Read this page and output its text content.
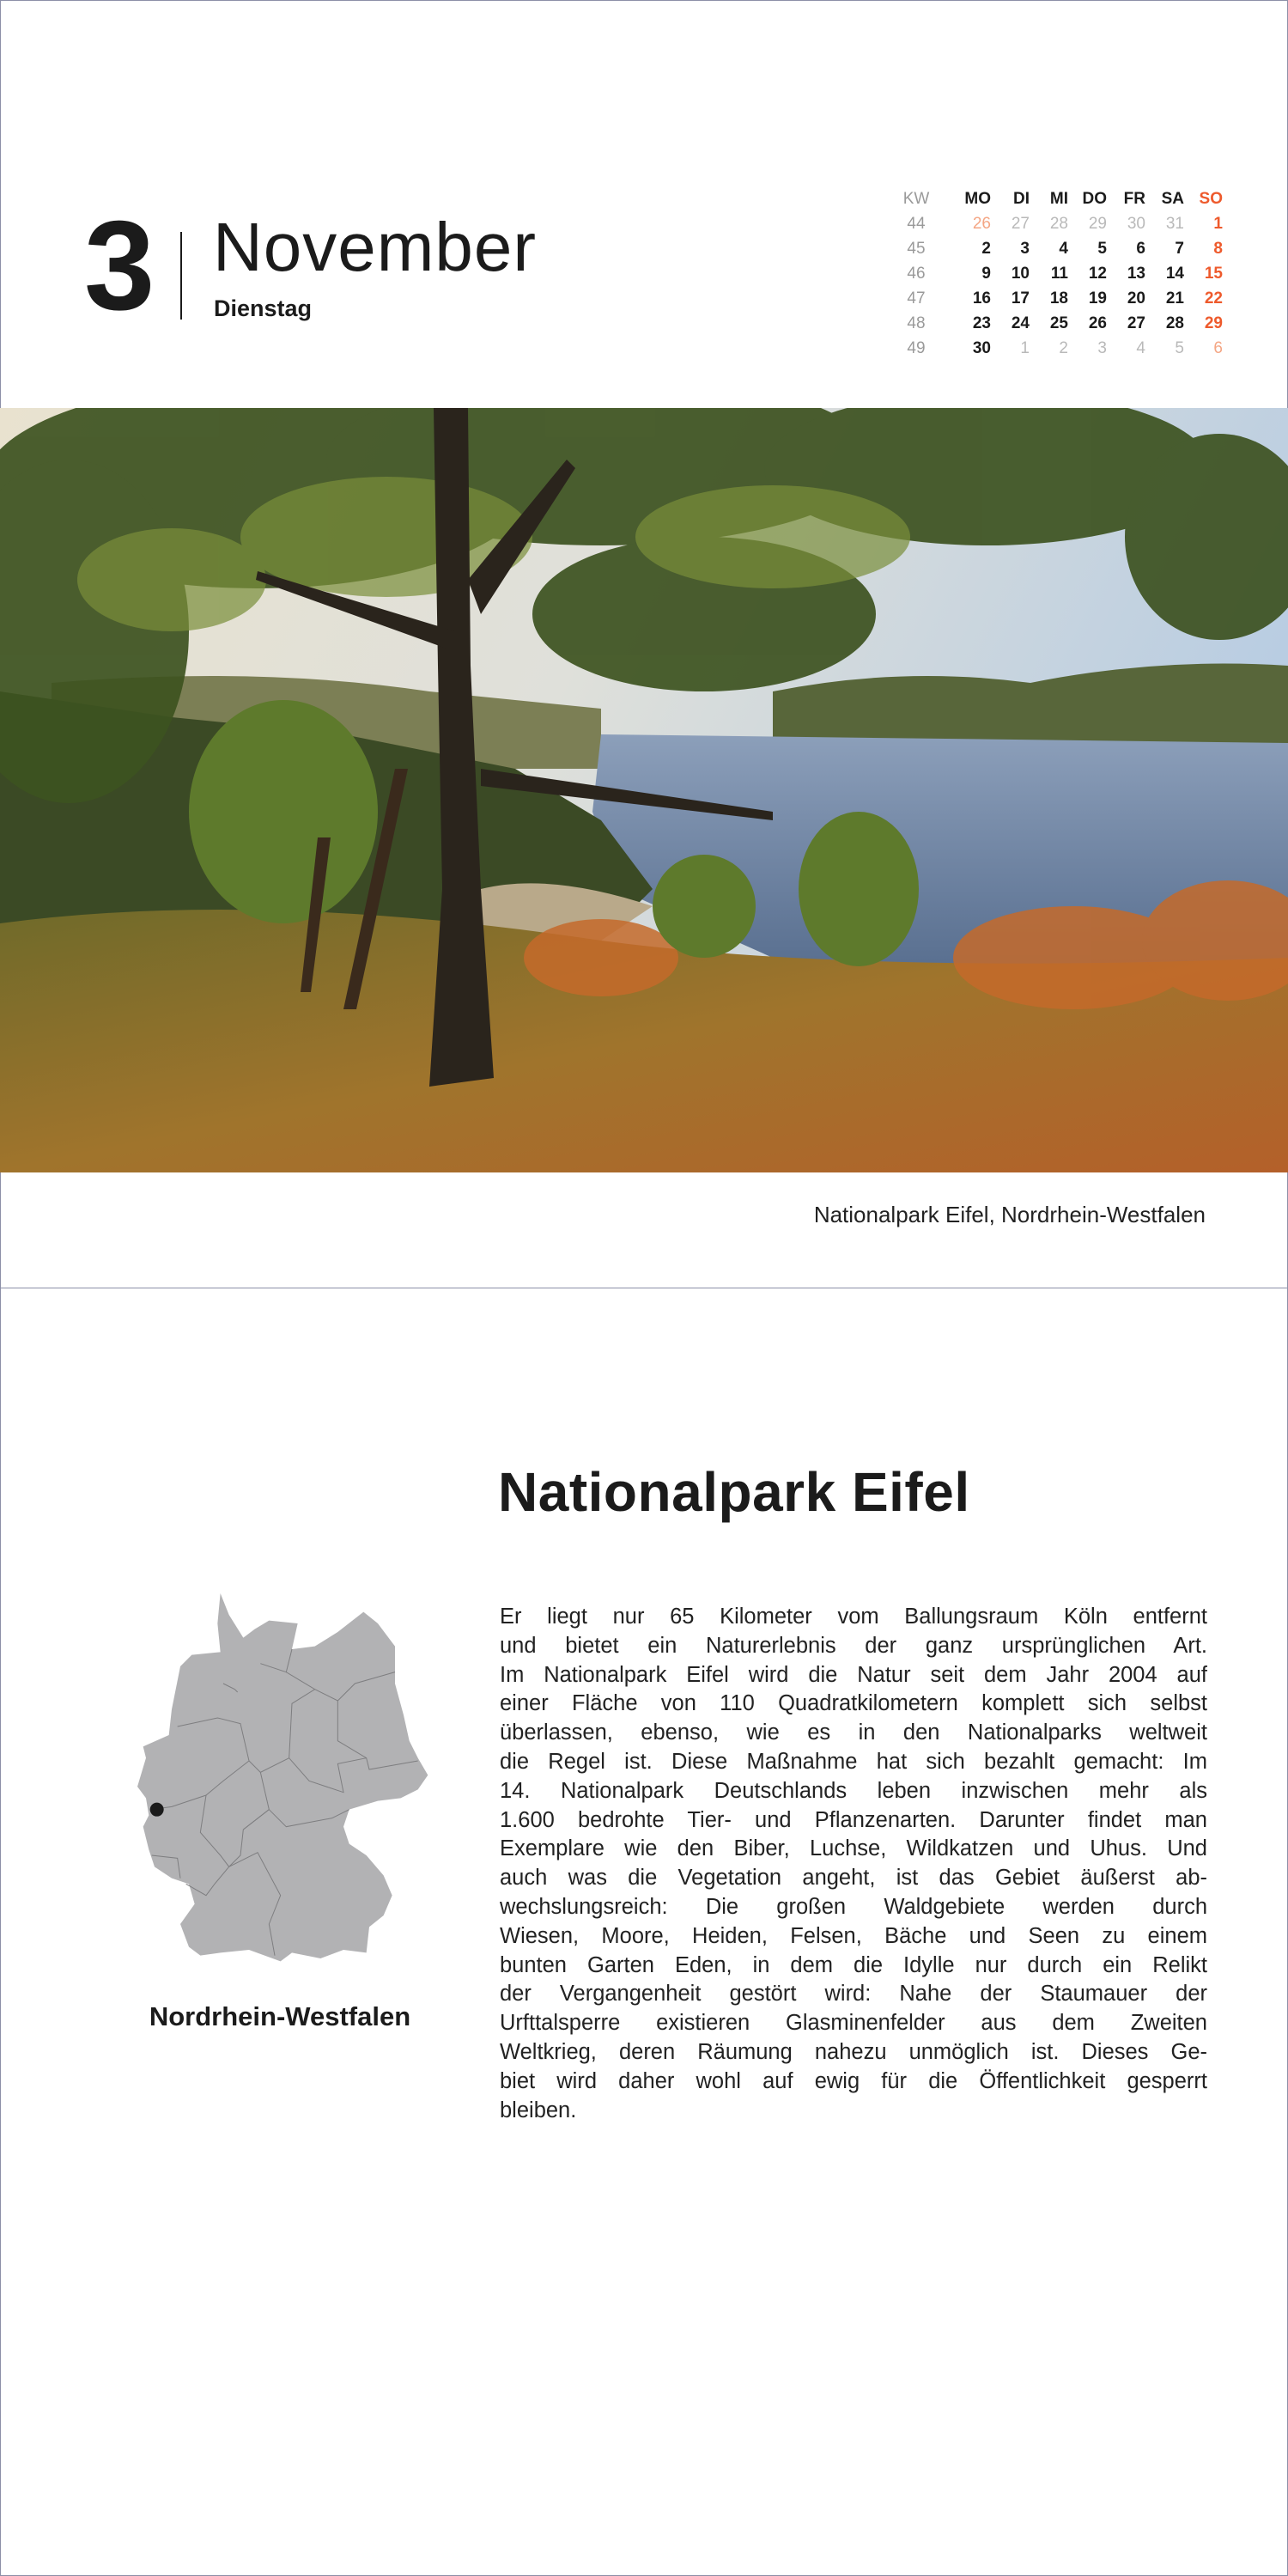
3 November
Dienstag
KW	MO	DI	MI DO	FR SA SO
44	26	27	28	29	30	31	1
45	2	3	4	5	6	7	8
46	9	10	11	12	13	14	15
47	16	17	18	19	20	21	22
48	23	24	25	26	27	28	29
49	30	1	2	3	4	5	6
Nationalpark Eifel, Nordrhein-Westfalen
Nationalpark Eifel
Nordrhein-Westfalen
Er liegt nur 65 Kilometer vom Ballungsraum Köln entfernt
und bietet ein Naturerlebnis der ganz ursprünglichen Art.
Im Nationalpark Eifel wird die Natur seit dem Jahr 2004 auf
einer Fläche von 110 Quadratkilometern komplett sich selbst
überlassen, ebenso, wie es in den Nationalparks weltweit
die Regel ist. Diese Maßnahme hat sich bezahlt gemacht: Im
14. Nationalpark Deutschlands leben inzwischen mehr als
1.600 bedrohte Tier- und Pflanzenarten. Darunter findet man
Exemplare wie den Biber, Luchse, Wildkatzen und Uhus. Und
auch was die Vegetation angeht, ist das Gebiet äußerst ab-
wechslungsreich: Die großen Waldgebiete werden durch
Wiesen, Moore, Heiden, Felsen, Bäche und Seen zu einem
bunten Garten Eden, in dem die Idylle nur durch ein Relikt
der Vergangenheit gestört wird: Nahe der Staumauer der
Urfttalsperre existieren Glasminenfelder aus dem Zweiten
Weltkrieg, deren Räumung nahezu unmöglich ist. Dieses Ge-
biet wird daher wohl auf ewig für die Öffentlichkeit gesperrt
bleiben.
